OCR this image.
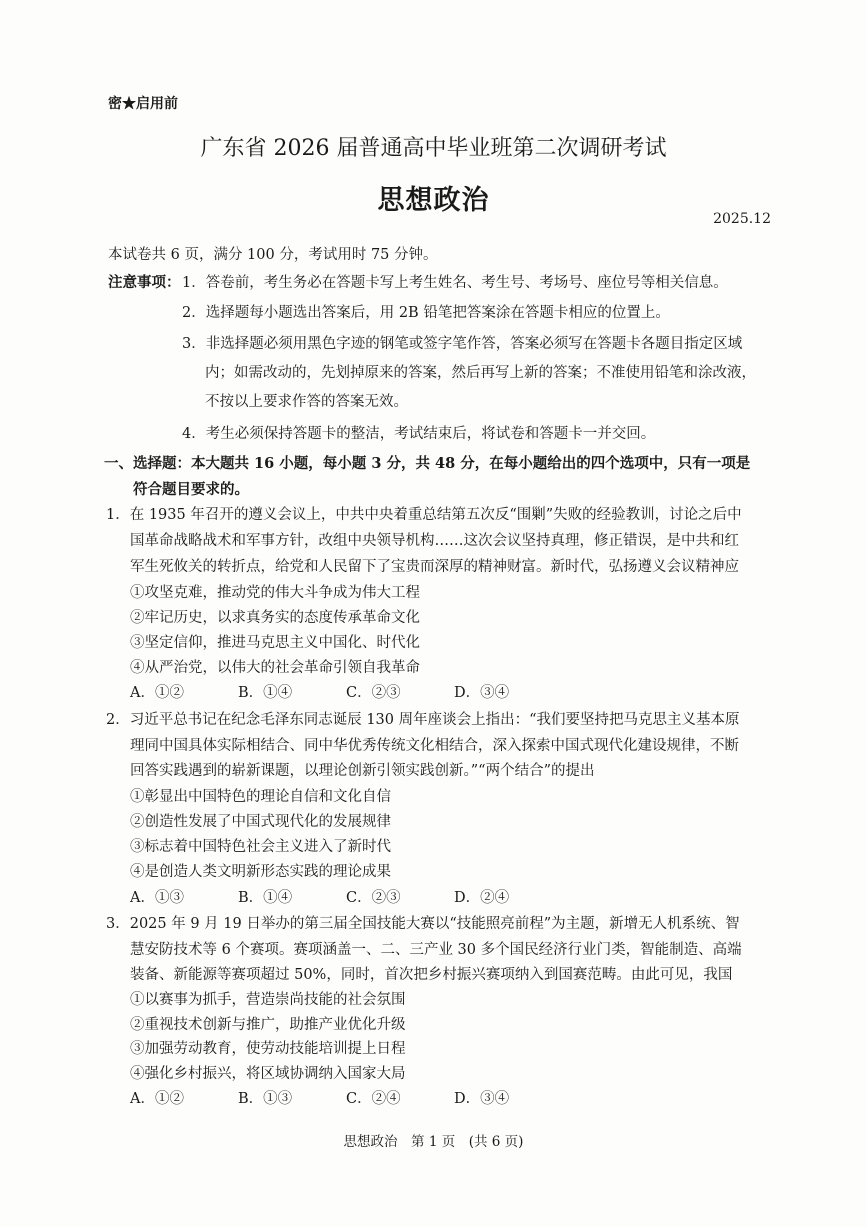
密★启用前
广东省 2026 届普通高中毕业班第二次调研考试
思想政治
2025.12
本试卷共 6 页，满分 100 分，考试用时 75 分钟。
注意事项： 1．答卷前，考生务必在答题卡写上考生姓名、考生号、考场号、座位号等相关信息。
2．选择题每小题选出答案后，用 2B 铅笔把答案涂在答题卡相应的位置上。
3．非选择题必须用黑色字迹的钢笔或签字笔作答，答案必须写在答题卡各题目指定区域
内；如需改动的，先划掉原来的答案，然后再写上新的答案；不准使用铅笔和涂改液，
不按以上要求作答的答案无效。
4．考生必须保持答题卡的整洁，考试结束后，将试卷和答题卡一并交回。
一、选择题：本大题共 16 小题，每小题 3 分，共 48 分，在每小题给出的四个选项中，只有一项是
符合题目要求的。
1．在 1935 年召开的遵义会议上，中共中央着重总结第五次反“围剿”失败的经验教训，讨论之后中
国革命战略战术和军事方针，改组中央领导机构……这次会议坚持真理，修正错误，是中共和红
军生死攸关的转折点，给党和人民留下了宝贵而深厚的精神财富。新时代，弘扬遵义会议精神应
①攻坚克难，推动党的伟大斗争成为伟大工程
②牢记历史，以求真务实的态度传承革命文化
③坚定信仰，推进马克思主义中国化、时代化
④从严治党，以伟大的社会革命引领自我革命
A．①②	B．①④	C．②③	D．③④
2．习近平总书记在纪念毛泽东同志诞辰 130 周年座谈会上指出：“我们要坚持把马克思主义基本原
理同中国具体实际相结合、同中华优秀传统文化相结合，深入探索中国式现代化建设规律，不断
回答实践遇到的崭新课题，以理论创新引领实践创新。”“两个结合”的提出
①彰显出中国特色的理论自信和文化自信
②创造性发展了中国式现代化的发展规律
③标志着中国特色社会主义进入了新时代
④是创造人类文明新形态实践的理论成果
A．①③	B．①④	C．②③	D．②④
3．2025 年 9 月 19 日举办的第三届全国技能大赛以“技能照亮前程”为主题，新增无人机系统、智
慧安防技术等 6 个赛项。赛项涵盖一、二、三产业 30 多个国民经济行业门类，智能制造、高端
装备、新能源等赛项超过 50%，同时，首次把乡村振兴赛项纳入到国赛范畴。由此可见，我国
①以赛事为抓手，营造崇尚技能的社会氛围
②重视技术创新与推广，助推产业优化升级
③加强劳动教育，使劳动技能培训提上日程
④强化乡村振兴，将区域协调纳入国家大局
A．①②	B．①③	C．②④	D．③④
思想政治　第 1 页　(共 6 页)
